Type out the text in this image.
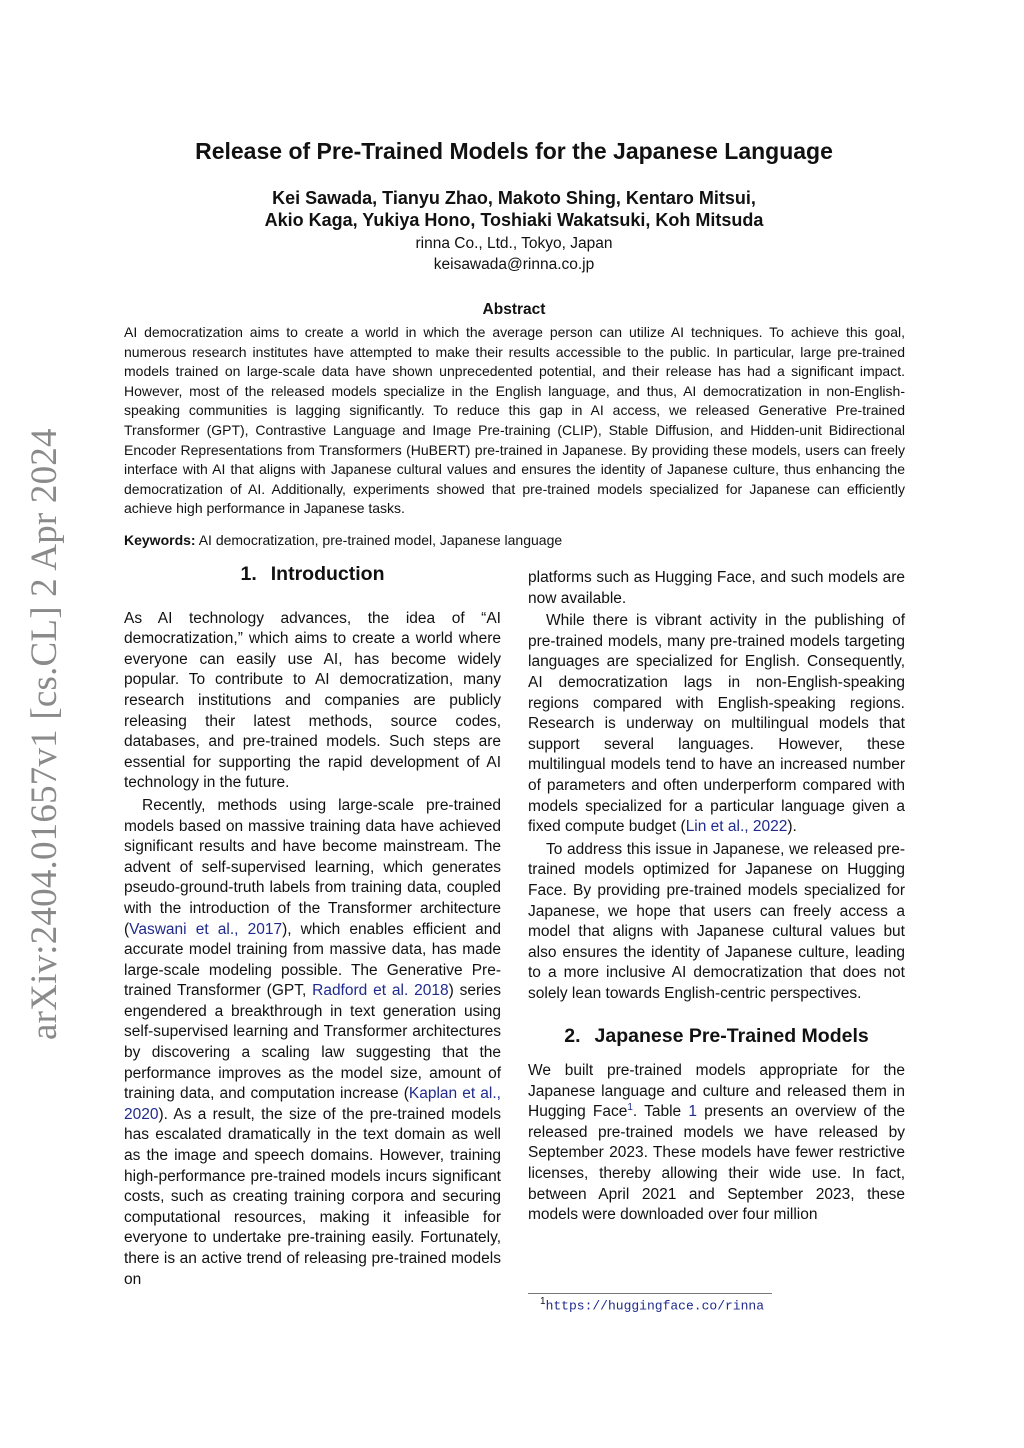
arXiv:2404.01657v1 [cs.CL] 2 Apr 2024
Release of Pre-Trained Models for the Japanese Language
Kei Sawada, Tianyu Zhao, Makoto Shing, Kentaro Mitsui,
Akio Kaga, Yukiya Hono, Toshiaki Wakatsuki, Koh Mitsuda
rinna Co., Ltd., Tokyo, Japan
keisawada@rinna.co.jp
Abstract

AI democratization aims to create a world in which the average person can utilize AI techniques. To achieve this goal, numerous research institutes have attempted to make their results accessible to the public. In particular, large pre-trained models trained on large-scale data have shown unprecedented potential, and their release has had a significant impact. However, most of the released models specialize in the English language, and thus, AI democratization in non-English-speaking communities is lagging significantly. To reduce this gap in AI access, we released Generative Pre-trained Transformer (GPT), Contrastive Language and Image Pre-training (CLIP), Stable Diffusion, and Hidden-unit Bidirectional Encoder Representations from Transformers (HuBERT) pre-trained in Japanese. By providing these models, users can freely interface with AI that aligns with Japanese cultural values and ensures the identity of Japanese culture, thus enhancing the democratization of AI. Additionally, experiments showed that pre-trained models specialized for Japanese can efficiently achieve high performance in Japanese tasks.

Keywords: AI democratization, pre-trained model, Japanese language
1. Introduction

As AI technology advances, the idea of “AI democratization,” which aims to create a world where everyone can easily use AI, has become widely popular. To contribute to AI democratization, many research institutions and companies are publicly releasing their latest methods, source codes, databases, and pre-trained models. Such steps are essential for supporting the rapid development of AI technology in the future.

Recently, methods using large-scale pre-trained models based on massive training data have achieved significant results and have become mainstream. The advent of self-supervised learning, which generates pseudo-ground-truth labels from training data, coupled with the introduction of the Transformer architecture (Vaswani et al., 2017), which enables efficient and accurate model training from massive data, has made large-scale modeling possible. The Generative Pre-trained Transformer (GPT, Radford et al. 2018) series engendered a breakthrough in text generation using self-supervised learning and Transformer architectures by discovering a scaling law suggesting that the performance improves as the model size, amount of training data, and computation increase (Kaplan et al., 2020). As a result, the size of the pre-trained models has escalated dramatically in the text domain as well as the image and speech domains. However, training high-performance pre-trained models incurs significant costs, such as creating training corpora and securing computational resources, making it infeasible for everyone to undertake pre-training easily. Fortunately, there is an active trend of releasing pre-trained models on

platforms such as Hugging Face, and such models are now available.

While there is vibrant activity in the publishing of pre-trained models, many pre-trained models targeting languages are specialized for English. Consequently, AI democratization lags in non-English-speaking regions compared with English-speaking regions. Research is underway on multilingual models that support several languages. However, these multilingual models tend to have an increased number of parameters and often underperform compared with models specialized for a particular language given a fixed compute budget (Lin et al., 2022).

To address this issue in Japanese, we released pre-trained models optimized for Japanese on Hugging Face. By providing pre-trained models specialized for Japanese, we hope that users can freely access a model that aligns with Japanese cultural values but also ensures the identity of Japanese culture, leading to a more inclusive AI democratization that does not solely lean towards English-centric perspectives.

2. Japanese Pre-Trained Models

We built pre-trained models appropriate for the Japanese language and culture and released them in Hugging Face$^1$. Table 1 presents an overview of the released pre-trained models we have released by September 2023. These models have fewer restrictive licenses, thereby allowing their wide use. In fact, between April 2021 and September 2023, these models were downloaded over four million

$^1$https://huggingface.co/rinna
